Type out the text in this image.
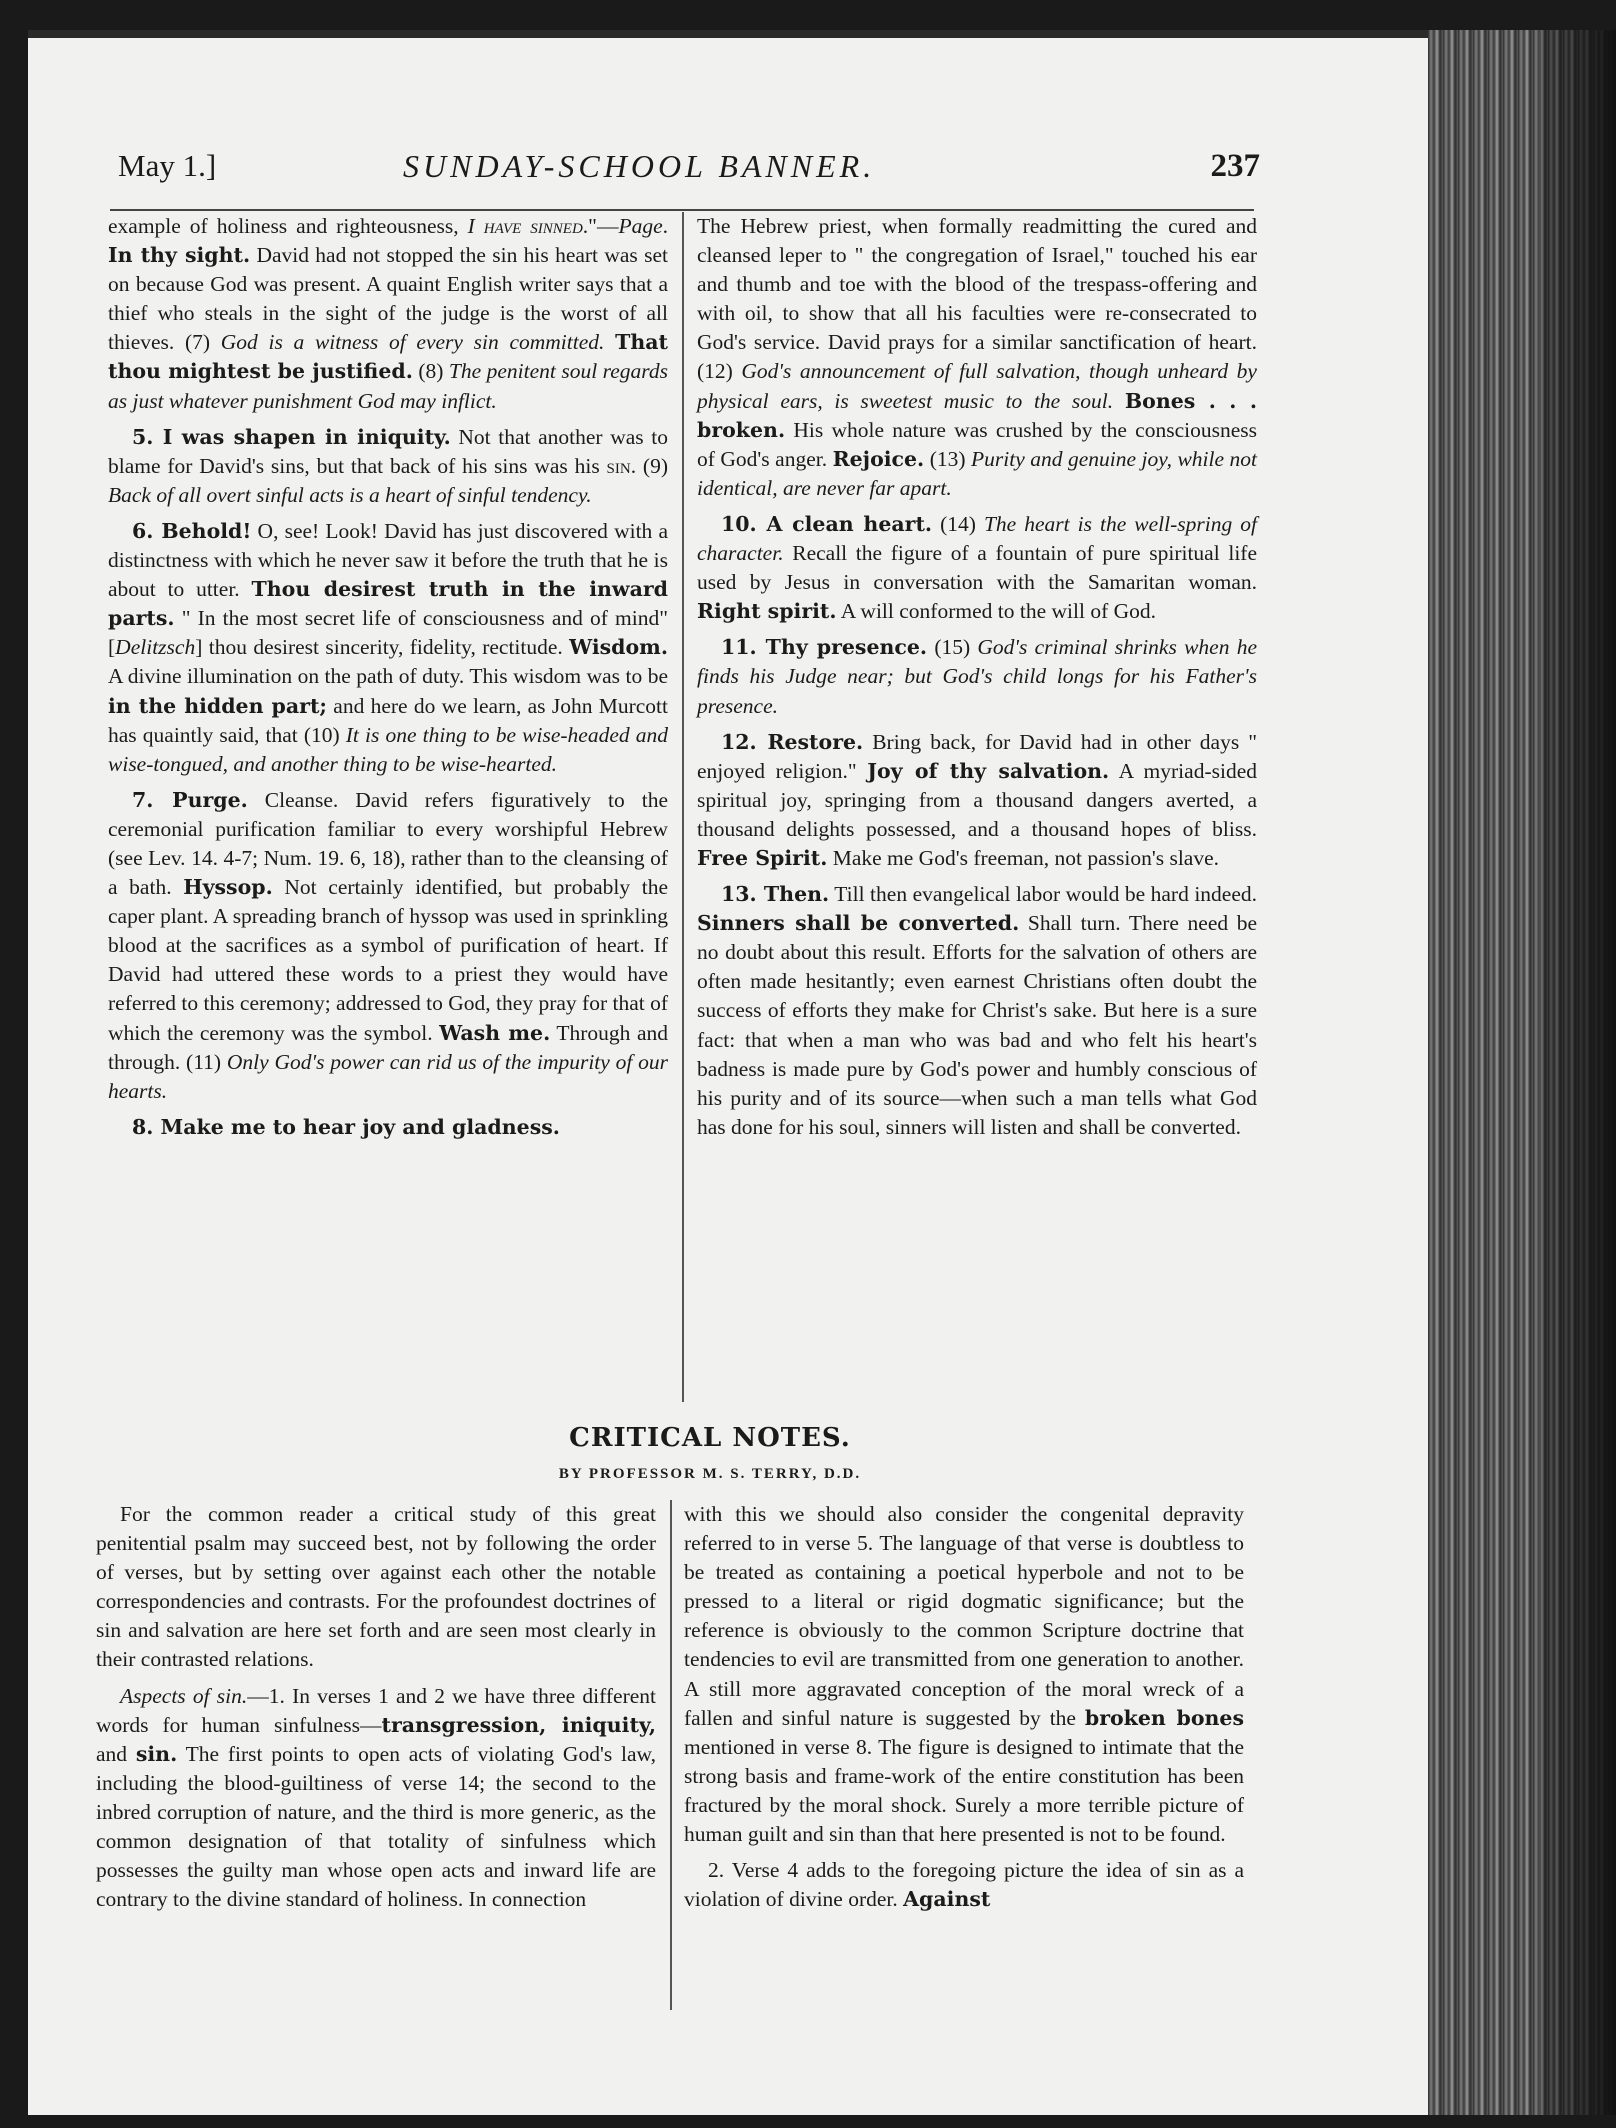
May 1.]	SUNDAY-SCHOOL BANNER.	237

example of holiness and righteousness, I have sinned."—Page. In thy sight. David had not stopped the sin his heart was set on because God was present. A quaint English writer says that a thief who steals in the sight of the judge is the worst of all thieves. (7) God is a witness of every sin committed. That thou mightest be justified. (8) The penitent soul regards as just whatever punishment God may inflict.

5. I was shapen in iniquity. Not that another was to blame for David's sins, but that back of his sins was his sin. (9) Back of all overt sinful acts is a heart of sinful tendency.

6. Behold! O, see! Look! David has just discovered with a distinctness with which he never saw it before the truth that he is about to utter. Thou desirest truth in the inward parts. " In the most secret life of consciousness and of mind" [Delitzsch] thou desirest sincerity, fidelity, rectitude. Wisdom. A divine illumination on the path of duty. This wisdom was to be in the hidden part; and here do we learn, as John Murcott has quaintly said, that (10) It is one thing to be wise-headed and wise-tongued, and another thing to be wise-hearted.

7. Purge. Cleanse. David refers figuratively to the ceremonial purification familiar to every worshipful Hebrew (see Lev. 14. 4-7; Num. 19. 6, 18), rather than to the cleansing of a bath. Hyssop. Not certainly identified, but probably the caper plant. A spreading branch of hyssop was used in sprinkling blood at the sacrifices as a symbol of purification of heart. If David had uttered these words to a priest they would have referred to this ceremony; addressed to God, they pray for that of which the ceremony was the symbol. Wash me. Through and through. (11) Only God's power can rid us of the impurity of our hearts.

8. Make me to hear joy and gladness.

The Hebrew priest, when formally readmitting the cured and cleansed leper to " the congregation of Israel," touched his ear and thumb and toe with the blood of the trespass-offering and with oil, to show that all his faculties were re-consecrated to God's service. David prays for a similar sanctification of heart. (12) God's announcement of full salvation, though unheard by physical ears, is sweetest music to the soul. Bones . . . broken. His whole nature was crushed by the consciousness of God's anger. Rejoice. (13) Purity and genuine joy, while not identical, are never far apart.

10. A clean heart. (14) The heart is the well-spring of character. Recall the figure of a fountain of pure spiritual life used by Jesus in conversation with the Samaritan woman. Right spirit. A will conformed to the will of God.

11. Thy presence. (15) God's criminal shrinks when he finds his Judge near; but God's child longs for his Father's presence.

12. Restore. Bring back, for David had in other days " enjoyed religion." Joy of thy salvation. A myriad-sided spiritual joy, springing from a thousand dangers averted, a thousand delights possessed, and a thousand hopes of bliss. Free Spirit. Make me God's freeman, not passion's slave.

13. Then. Till then evangelical labor would be hard indeed. Sinners shall be converted. Shall turn. There need be no doubt about this result. Efforts for the salvation of others are often made hesitantly; even earnest Christians often doubt the success of efforts they make for Christ's sake. But here is a sure fact: that when a man who was bad and who felt his heart's badness is made pure by God's power and humbly conscious of his purity and of its source—when such a man tells what God has done for his soul, sinners will listen and shall be converted.

CRITICAL NOTES.
BY PROFESSOR M. S. TERRY, D.D.

For the common reader a critical study of this great penitential psalm may succeed best, not by following the order of verses, but by setting over against each other the notable correspondencies and contrasts. For the profoundest doctrines of sin and salvation are here set forth and are seen most clearly in their contrasted relations.

Aspects of sin.—1. In verses 1 and 2 we have three different words for human sinfulness—transgression, iniquity, and sin. The first points to open acts of violating God's law, including the blood-guiltiness of verse 14; the second to the inbred corruption of nature, and the third is more generic, as the common designation of that totality of sinfulness which possesses the guilty man whose open acts and inward life are contrary to the divine standard of holiness. In connection

with this we should also consider the congenital depravity referred to in verse 5. The language of that verse is doubtless to be treated as containing a poetical hyperbole and not to be pressed to a literal or rigid dogmatic significance; but the reference is obviously to the common Scripture doctrine that tendencies to evil are transmitted from one generation to another. A still more aggravated conception of the moral wreck of a fallen and sinful nature is suggested by the broken bones mentioned in verse 8. The figure is designed to intimate that the strong basis and frame-work of the entire constitution has been fractured by the moral shock. Surely a more terrible picture of human guilt and sin than that here presented is not to be found.

2. Verse 4 adds to the foregoing picture the idea of sin as a violation of divine order. Against
